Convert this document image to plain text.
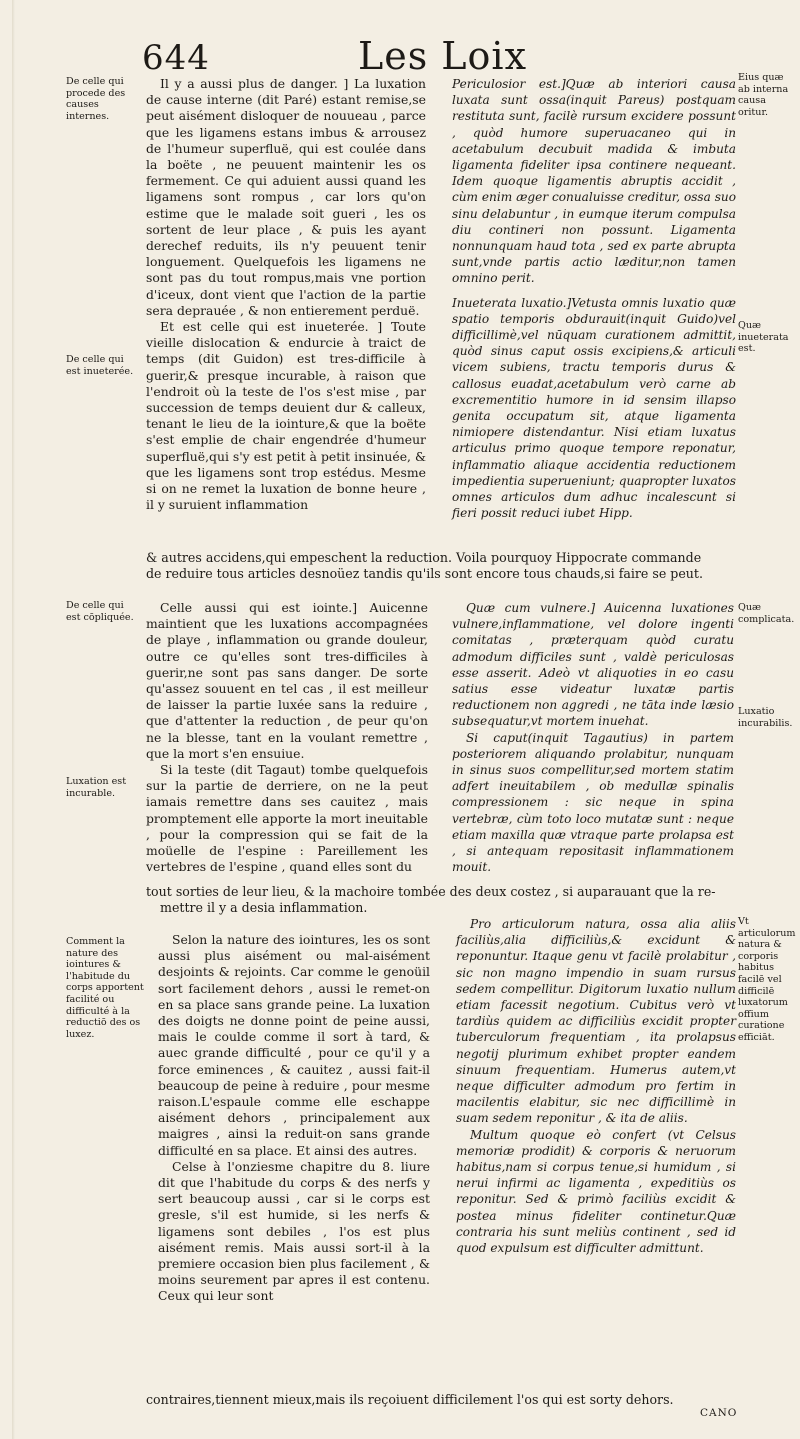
644	Les Loix
De celle qui procede des causes internes.
De celle qui est inueterée.
De celle qui est cōpliquée.
Luxation est incurable.
Comment la nature des iointures & l'habitude du corps apportent facilité ou difficulté à la reductiō des os luxez.
Eius quæ ab interna causa oritur.
Quæ inueterata est.
Quæ complicata.
Luxatio incurabilis.
Vt articulorum natura & corporis habitus facilē vel difficilē luxatorum offium curatione efficiāt.

Il y a aussi plus de danger. ] La luxation de cause interne (dit Paré) estant remise,se peut aisément disloquer de nouueau , parce que les ligamens estans imbus & arrousez de l'humeur superfluë, qui est coulée dans la boëte , ne peuuent maintenir les os fermement. Ce qui aduient aussi quand les ligamens sont rompus , car lors qu'on estime que le malade soit gueri , les os sortent de leur place , & puis les ayant derechef reduits, ils n'y peuuent tenir longuement. Quelquefois les ligamens ne sont pas du tout rompus,mais vne portion d'iceux, dont vient que l'action de la partie sera deprauée , & non entierement perduë.

Et est celle qui est inueterée. ] Toute vieille dislocation & endurcie à traict de temps (dit Guidon) est tres-difficile à guerir,& presque incurable, à raison que l'endroit où la teste de l'os s'est mise , par succession de temps deuient dur & calleux, tenant le lieu de la iointure,& que la boëte s'est emplie de chair engendrée d'humeur superfluë,qui s'y est petit à petit insinuée, & que les ligamens sont trop estédus. Mesme si on ne remet la luxation de bonne heure , il y suruient inflammation

Periculosior est.]Quæ ab interiori causa luxata sunt ossa(inquit Pareus) postquam restituta sunt, facilè rursum excidere possunt , quòd humore superuacaneo qui in acetabulum decubuit madida & imbuta ligamenta fideliter ipsa continere nequeant. Idem quoque ligamentis abruptis accidit , cùm enim æger conualuisse creditur, ossa suo sinu delabuntur , in eumque iterum compulsa diu contineri non possunt. Ligamenta nonnunquam haud tota , sed ex parte abrupta sunt,vnde partis actio læditur,non tamen omnino perit.

Inueterata luxatio.]Vetusta omnis luxatio quæ spatio temporis obdurauit(inquit Guido)vel difficillimè,vel nūquam curationem admittit, quòd sinus caput ossis excipiens,& articuli vicem subiens, tractu temporis durus & callosus euadat,acetabulum verò carne ab excrementitio humore in id sensim illapso genita occupatum sit, atque ligamenta nimiopere distendantur. Nisi etiam luxatus articulus primo quoque tempore reponatur, inflammatio aliaque accidentia reductionem impedientia superueniunt; quapropter luxatos omnes articulos dum adhuc incalescunt si fieri possit reduci iubet Hipp.

& autres accidens,qui empeschent la reduction. Voila pourquoy Hippocrate commande
de reduire tous articles desnoüez tandis qu'ils sont encore tous chauds,si faire se peut.

Celle aussi qui est iointe.] Auicenne maintient que les luxations accompagnées de playe , inflammation ou grande douleur, outre ce qu'elles sont tres-difficiles à guerir,ne sont pas sans danger. De sorte qu'assez souuent en tel cas , il est meilleur de laisser la partie luxée sans la reduire , que d'attenter la reduction , de peur qu'on ne la blesse, tant en la voulant remettre , que la mort s'en ensuiue.

Si la teste (dit Tagaut) tombe quelquefois sur la partie de derriere, on ne la peut iamais remettre dans ses cauitez , mais promptement elle apporte la mort ineuitable , pour la compression qui se fait de la moüelle de l'espine : Pareillement les vertebres de l'espine , quand elles sont du

Quæ cum vulnere.] Auicenna luxationes vulnere,inflammatione, vel dolore ingenti comitatas , præterquam quòd curatu admodum difficiles sunt , valdè periculosas esse asserit. Adeò vt aliquoties in eo casu satius esse videatur luxatæ partis reductionem non aggredi , ne tāta inde læsio subsequatur,vt mortem inuehat.

Si caput(inquit Tagautius) in partem posteriorem aliquando prolabitur, nunquam in sinus suos compellitur,sed mortem statim adfert ineuitabilem , ob medullæ spinalis compressionem : sic neque in spina vertebræ, cùm toto loco mutatæ sunt : neque etiam maxilla quæ vtraque parte prolapsa est , si antequam repositasit inflammationem mouit.

tout sorties de leur lieu, & la machoire tombée des deux costez , si auparauant que la re-
mettre il y a desia inflammation.

Selon la nature des iointures, les os sont aussi plus aisément ou mal-aisément desjoints & rejoints. Car comme le genoüil sort facilement dehors , aussi le remet-on en sa place sans grande peine. La luxation des doigts ne donne point de peine aussi, mais le coulde comme il sort à tard, & auec grande difficulté , pour ce qu'il y a force eminences , & cauitez , aussi fait-il beaucoup de peine à reduire , pour mesme raison.L'espaule comme elle eschappe aisément dehors , principalement aux maigres , ainsi la reduit-on sans grande difficulté en sa place. Et ainsi des autres.

Celse à l'onziesme chapitre du 8. liure dit que l'habitude du corps & des nerfs y sert beaucoup aussi , car si le corps est gresle, s'il est humide, si les nerfs & ligamens sont debiles , l'os est plus aisément remis. Mais aussi sort-il à la premiere occasion bien plus facilement , & moins seurement par apres il est contenu. Ceux qui leur sont

Pro articulorum natura, ossa alia aliis faciliùs,alia difficiliùs,& excidunt & reponuntur. Itaque genu vt facilè prolabitur , sic non magno impendio in suam rursus sedem compellitur. Digitorum luxatio nullum etiam facessit negotium. Cubitus verò vt tardiùs quidem ac difficiliùs excidit propter tuberculorum frequentiam , ita prolapsus negotij plurimum exhibet propter eandem sinuum frequentiam. Humerus autem,vt neque difficulter admodum pro fertim in macilentis elabitur, sic nec difficillimè in suam sedem reponitur , & ita de aliis.

Multum quoque eò confert (vt Celsus memoriæ prodidit) & corporis & neruorum habitus,nam si corpus tenue,si humidum , si nerui infirmi ac ligamenta , expeditiùs os reponitur. Sed & primò faciliùs excidit & postea minus fideliter continetur.Quæ contraria his sunt meliùs continent , sed id quod expulsum est difficulter admittunt.

contraires,tiennent mieux,mais ils reçoiuent difficilement l'os qui est sorty dehors.
CANO
